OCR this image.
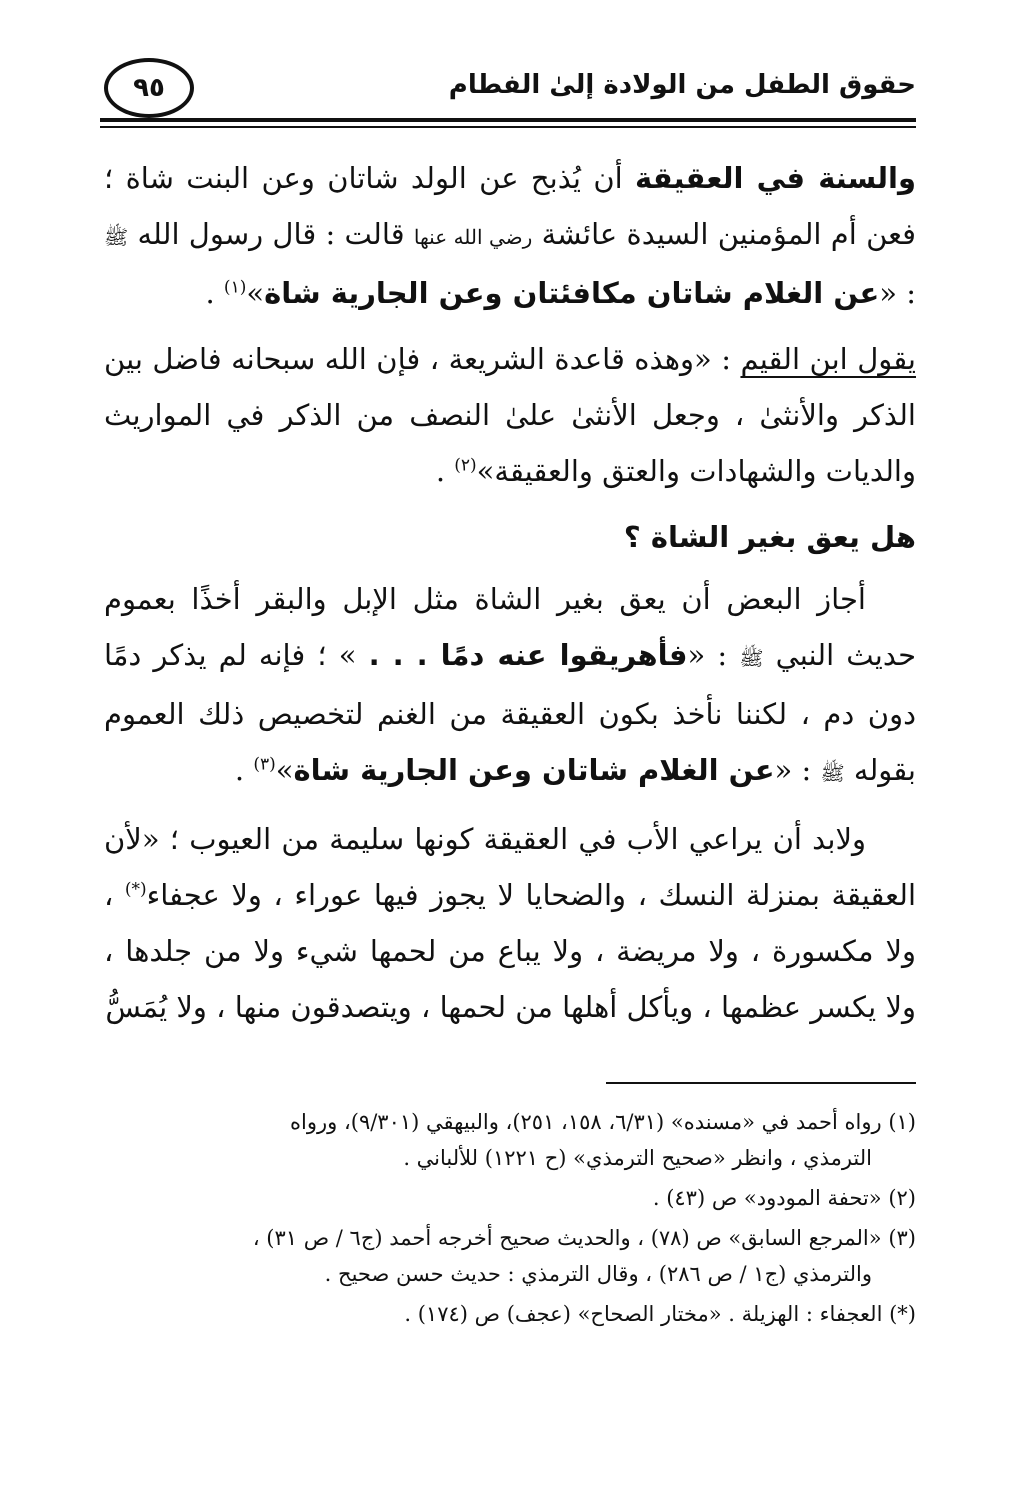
حقوق الطفل من الولادة إلىٰ الفطام
٩٥

والسنة في العقيقة أن يُذبح عن الولد شاتان وعن البنت شاة ؛ فعن أم المؤمنين السيدة عائشة رضي الله عنها قالت : قال رسول الله ﷺ : «عن الغلام شاتان مكافئتان وعن الجارية شاة»$^{(١)}$ .

يقول ابن القيم : «وهذه قاعدة الشريعة ، فإن الله سبحانه فاضل بين الذكر والأنثىٰ ، وجعل الأنثىٰ علىٰ النصف من الذكر في المواريث والديات والشهادات والعتق والعقيقة»$^{(٢)}$ .

هل يعق بغير الشاة ؟

أجاز البعض أن يعق بغير الشاة مثل الإبل والبقر أخذًا بعموم حديث النبي ﷺ : «فأهريقوا عنه دمًا . . . » ؛ فإنه لم يذكر دمًا دون دم ، لكننا نأخذ بكون العقيقة من الغنم لتخصيص ذلك العموم بقوله ﷺ : «عن الغلام شاتان وعن الجارية شاة»$^{(٣)}$ .

ولابد أن يراعي الأب في العقيقة كونها سليمة من العيوب ؛ «لأن العقيقة بمنزلة النسك ، والضحايا لا يجوز فيها عوراء ، ولا عجفاء(*) ، ولا مكسورة ، ولا مريضة ، ولا يباع من لحمها شيء ولا من جلدها ، ولا يكسر عظمها ، ويأكل أهلها من لحمها ، ويتصدقون منها ، ولا يُمَسُّ

(١) رواه أحمد في «مسنده» (٦/٣١، ١٥٨، ٢٥١)، والبيهقي (٩/٣٠١)، ورواه
الترمذي ، وانظر «صحيح الترمذي» (ح ١٢٢١) للألباني .
(٢) «تحفة المودود» ص (٤٣) .
(٣) «المرجع السابق» ص (٧٨) ، والحديث صحيح أخرجه أحمد (ج٦ / ص ٣١) ،
والترمذي (ج١ / ص ٢٨٦) ، وقال الترمذي : حديث حسن صحيح .
(*) العجفاء : الهزيلة . «مختار الصحاح» (عجف) ص (١٧٤) .
